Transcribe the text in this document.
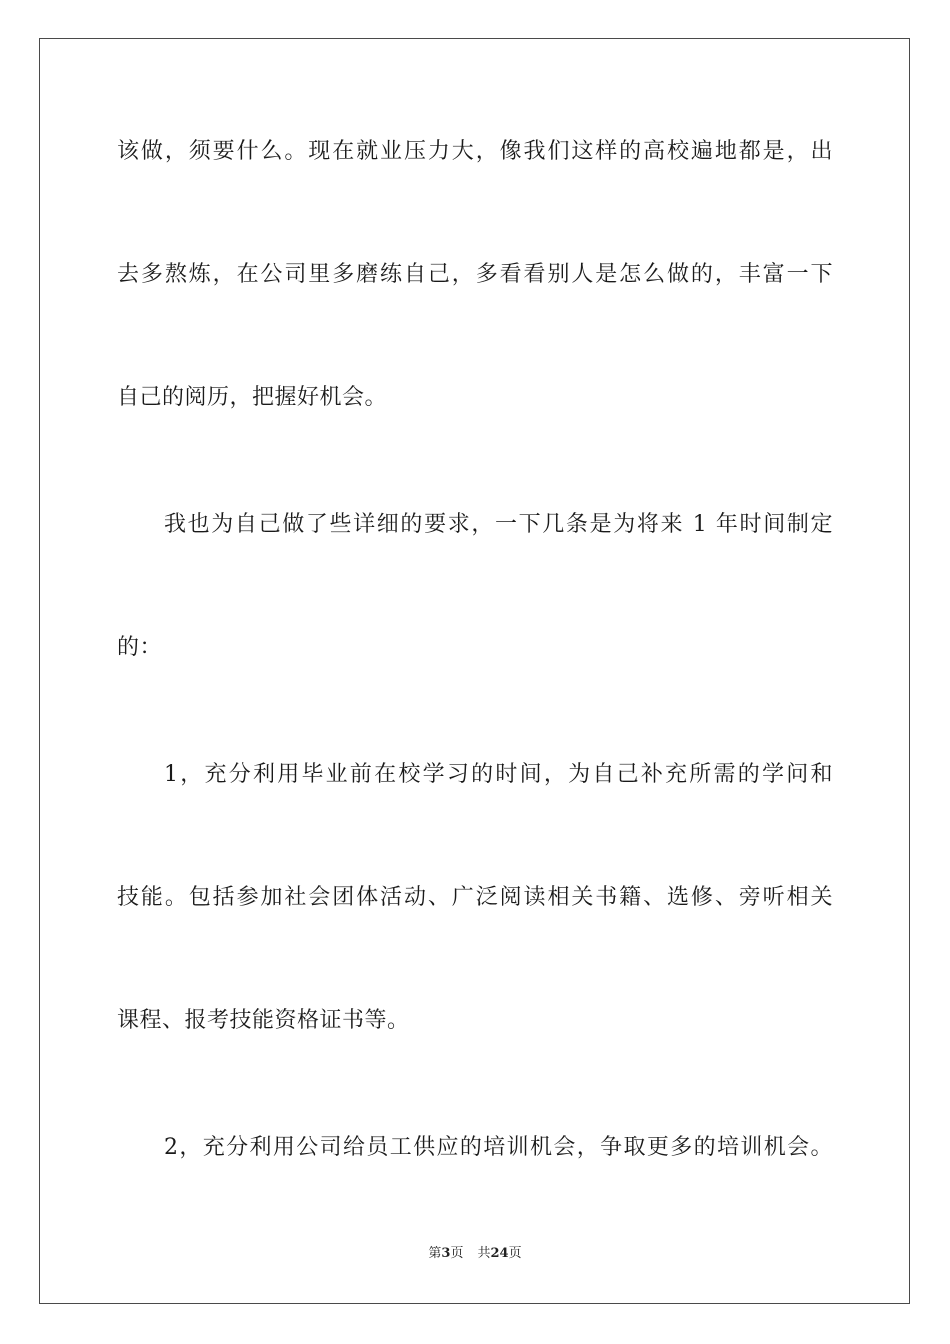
该做，须要什么。现在就业压力大，像我们这样的高校遍地都是，出
去多熬炼，在公司里多磨练自己，多看看别人是怎么做的，丰富一下
自己的阅历，把握好机会。
我也为自己做了些详细的要求，一下几条是为将来 1 年时间制定
的：
1，充分利用毕业前在校学习的时间，为自己补充所需的学问和
技能。包括参加社会团体活动、广泛阅读相关书籍、选修、旁听相关
课程、报考技能资格证书等。
2，充分利用公司给员工供应的培训机会，争取更多的培训机会。
第3页 共24页
